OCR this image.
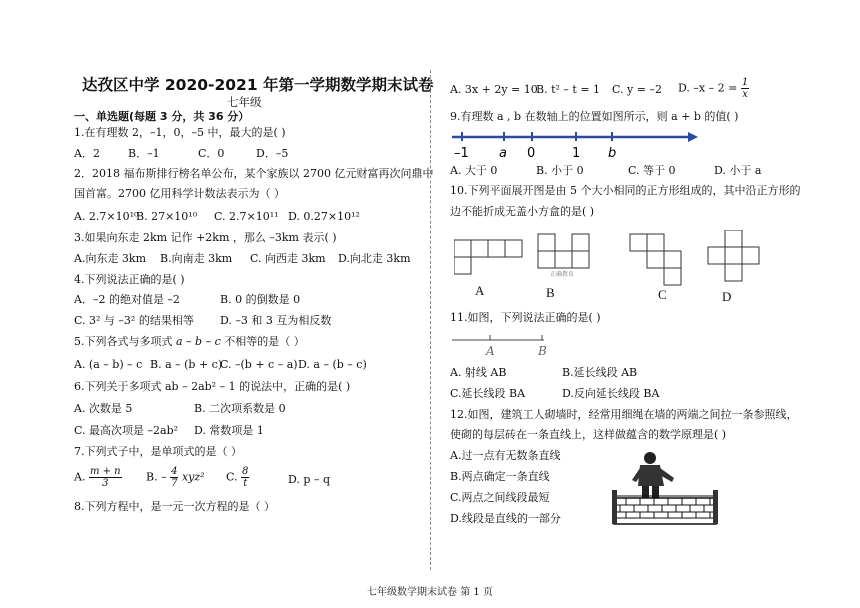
达孜区中学 2020-2021 年第一学期数学期末试卷
七年级
一、单选题(每题 3 分，共 36 分）
1.在有理数 2，–1，0，–5 中，最大的是( )
A．2	B．–1	C．0	D．–5
2．2018 福布斯排行榜名单公布，某个家族以 2700 亿元财富再次问鼎中
国首富。2700 亿用科学计数法表示为（ ）
A. 2.7×10¹⁰
B. 27×10¹⁰ C. 2.7×10¹¹ D. 0.27×10¹²
3.如果向东走 2km 记作 +2km ，那么 –3km 表示( )
A.向东走 3km B.向南走 3km C. 向西走 3km D.向北走 3km
4.下列说法正确的是( )
A．–2 的绝对值是 –2	B. 0 的倒数是 0
C. 3² 与 –3² 的结果相等 D. –3 和 3 互为相反数
5.下列各式与多项式 a – b – c 不相等的是（ ）
A. (a – b) – c B. a – (b + c)
C. –(b + c – a) D. a – (b – c)
6.下列关于多项式 ab – 2ab² – 1 的说法中，正确的是( )
A. 次数是 5	B. 二次项系数是 0
C. 最高次项是 –2ab² D. 常数项是 1
7.下列式子中，是单项式的是（ ）
A. $\frac{m + n}{3} B$. – $\frac{4}{7} xyz^2$ C. $\frac{8}{t}$	D. p – q
8.下列方程中，是一元一次方程的是（ ）
A. 3x + 2y = 10
B. t² – t = 1 C. y = –2 D. $-x - 2 = \frac{1}{x}$
9.有理数 a , b 在数轴上的位置如图所示，则 a + b 的值( )
–1 a 0	1 b
A. 大于 0	B. 小于 0	C. 等于 0	D. 小于 a
10.下列平面展开图是由 5 个大小相同的正方形组成的，其中沿正方形的
边不能折成无盖小方盒的是( )
正确教育
A	B	C	D
11.如图，下列说法正确的是( )
A	B
A. 射线 AB	B.延长线段 AB
C.延长线段 BA	D.反向延长线段 BA
12.如图，建筑工人砌墙时，经常用细绳在墙的两端之间拉一条参照线，
使砌的每层砖在一条直线上，这样做蕴含的数学原理是( )
A.过一点有无数条直线
B.两点确定一条直线
C.两点之间线段最短
D.线段是直线的一部分
七年级数学期末试卷 第 1 页
